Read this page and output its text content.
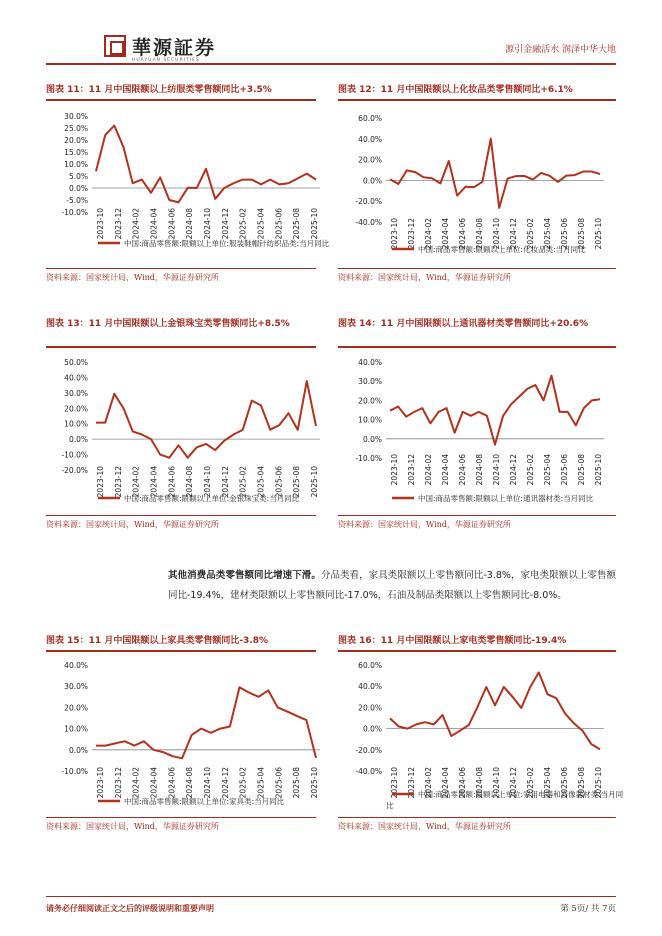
華源証券
HUAYUAN SECURITIES
源引金融活水 润泽中华大地
图表 11：11 月中国限额以上纺服类零售额同比+3.5%
30.0%
25.0%
20.0%
15.0%
10.0%
5.0%
0.0%
-5.0%
-10.0% 2023-10 2023-12 2024-02 2024-04 2024-06 2024-08 2024-10 2024-12 2025-02 2025-04 2025-06 2025-08 2025-10
中国:商品零售额:限额以上单位:服装鞋帽针纺织品类:当月同比
资料来源：国家统计局，Wind，华源证券研究所
图表 12：11 月中国限额以上化妆品类零售额同比+6.1%
60.0%
40.0%
20.0%
0.0%
-20.0%
-40.0% 2023-10 2023-12 2024-02 2024-04 2024-06 2024-08 2024-10 2024-12 2025-02 2025-04 2025-06 2025-08 2025-10
中国:商品零售额:限额以上单位:化妆品类:当月同比
资料来源：国家统计局，Wind，华源证券研究所
图表 13：11 月中国限额以上金银珠宝类零售额同比+8.5%
50.0%
40.0%
30.0%
20.0%
10.0%
0.0%
-10.0%
-20.0% 2023-10 2023-12 2024-02 2024-04 2024-06 2024-08 2024-10 2024-12 2025-02 2025-04 2025-06 2025-08 2025-10
中国:商品零售额:限额以上单位:金银珠宝类:当月同比
资料来源：国家统计局，Wind，华源证券研究所
图表 14：11 月中国限额以上通讯器材类零售额同比+20.6%
40.0%
30.0%
20.0%
10.0%
0.0%
-10.0% 2023-10 2023-12 2024-02 2024-04 2024-06 2024-08 2024-10 2024-12 2025-02 2025-04 2025-06 2025-08 2025-10
中国:商品零售额:限额以上单位:通讯器材类:当月同比
资料来源：国家统计局，Wind，华源证券研究所
其他消费品类零售额同比增速下滑。分品类看，家具类限额以上零售额同比-3.8%，家电类限额以上零售额同比-19.4%，建材类限额以上零售额同比-17.0%，石油及制品类限额以上零售额同比-8.0%。
图表 15：11 月中国限额以上家具类零售额同比-3.8%
40.0%
30.0%
20.0%
10.0%
0.0%
-10.0% 2023-10 2023-12 2024-02 2024-04 2024-06 2024-08 2024-10 2024-12 2025-02 2025-04 2025-06 2025-08 2025-10
中国:商品零售额:限额以上单位:家具类:当月同比
资料来源：国家统计局，Wind，华源证券研究所
图表 16：11 月中国限额以上家电类零售额同比-19.4%
60.0%
40.0%
20.0%
0.0%
-20.0%
-40.0% 2023-10 2023-12 2024-02 2024-04 2024-06 2024-08 2024-10 2024-12 2025-02 2025-04 2025-06 2025-08 2025-10
中国:商品零售额:限额以上单位:家用电器和音像器材类:当月同
比
资料来源：国家统计局，Wind，华源证券研究所
请务必仔细阅读正文之后的评级说明和重要声明	第 5页/ 共 7页
